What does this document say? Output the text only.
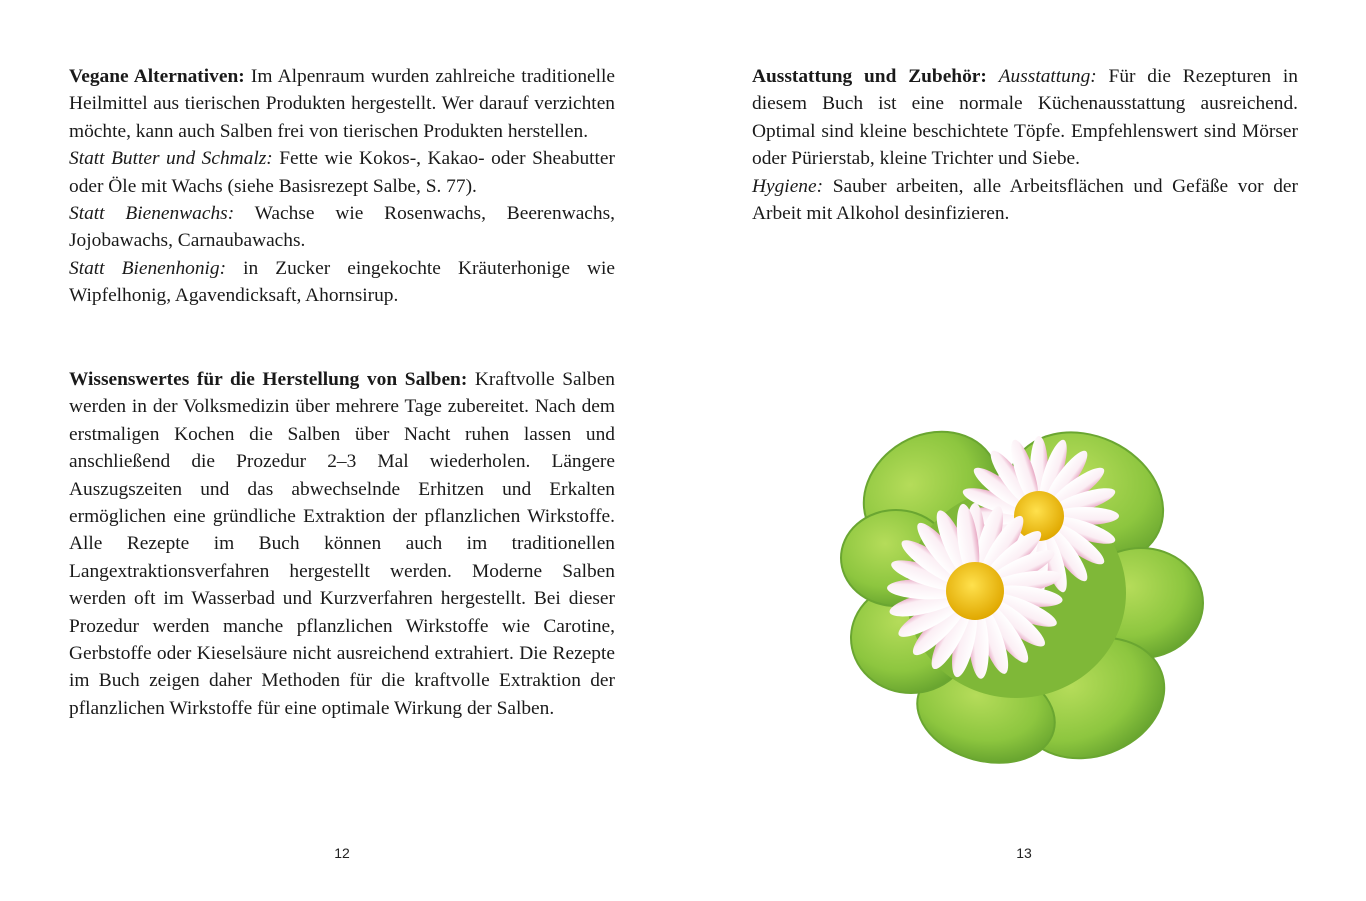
Vegane Alternativen: Im Alpenraum wurden zahlreiche traditionelle Heilmittel aus tierischen Produkten hergestellt. Wer darauf verzichten möchte, kann auch Salben frei von tierischen Produkten herstellen.

Statt Butter und Schmalz: Fette wie Kokos-, Kakao- oder Sheabutter oder Öle mit Wachs (siehe Basisrezept Salbe, S. 77).

Statt Bienenwachs: Wachse wie Rosenwachs, Beerenwachs, Jojobawachs, Carnaubawachs.

Statt Bienenhonig: in Zucker eingekochte Kräuterhonige wie Wipfelhonig, Agavendicksaft, Ahornsirup.

Wissenswertes für die Herstellung von Salben: Kraftvolle Salben werden in der Volksmedizin über mehrere Tage zubereitet. Nach dem erstmaligen Kochen die Salben über Nacht ruhen lassen und anschließend die Prozedur 2–3 Mal wiederholen. Längere Auszugszeiten und das abwechselnde Erhitzen und Erkalten ermöglichen eine gründliche Extraktion der pflanzlichen Wirkstoffe. Alle Rezepte im Buch können auch im traditionellen Langextraktionsverfahren hergestellt werden. Moderne Salben werden oft im Wasserbad und Kurzverfahren hergestellt. Bei dieser Prozedur werden manche pflanzlichen Wirkstoffe wie Carotine, Gerbstoffe oder Kieselsäure nicht ausreichend extrahiert. Die Rezepte im Buch zeigen daher Methoden für die kraftvolle Extraktion der pflanzlichen Wirkstoffe für eine optimale Wirkung der Salben.

12

Ausstattung und Zubehör: Ausstattung: Für die Rezepturen in diesem Buch ist eine normale Küchenausstattung ausreichend. Optimal sind kleine beschichtete Töpfe. Empfehlenswert sind Mörser oder Pürierstab, kleine Trichter und Siebe.

Hygiene: Sauber arbeiten, alle Arbeitsflächen und Gefäße vor der Arbeit mit Alkohol desinfizieren.

13
